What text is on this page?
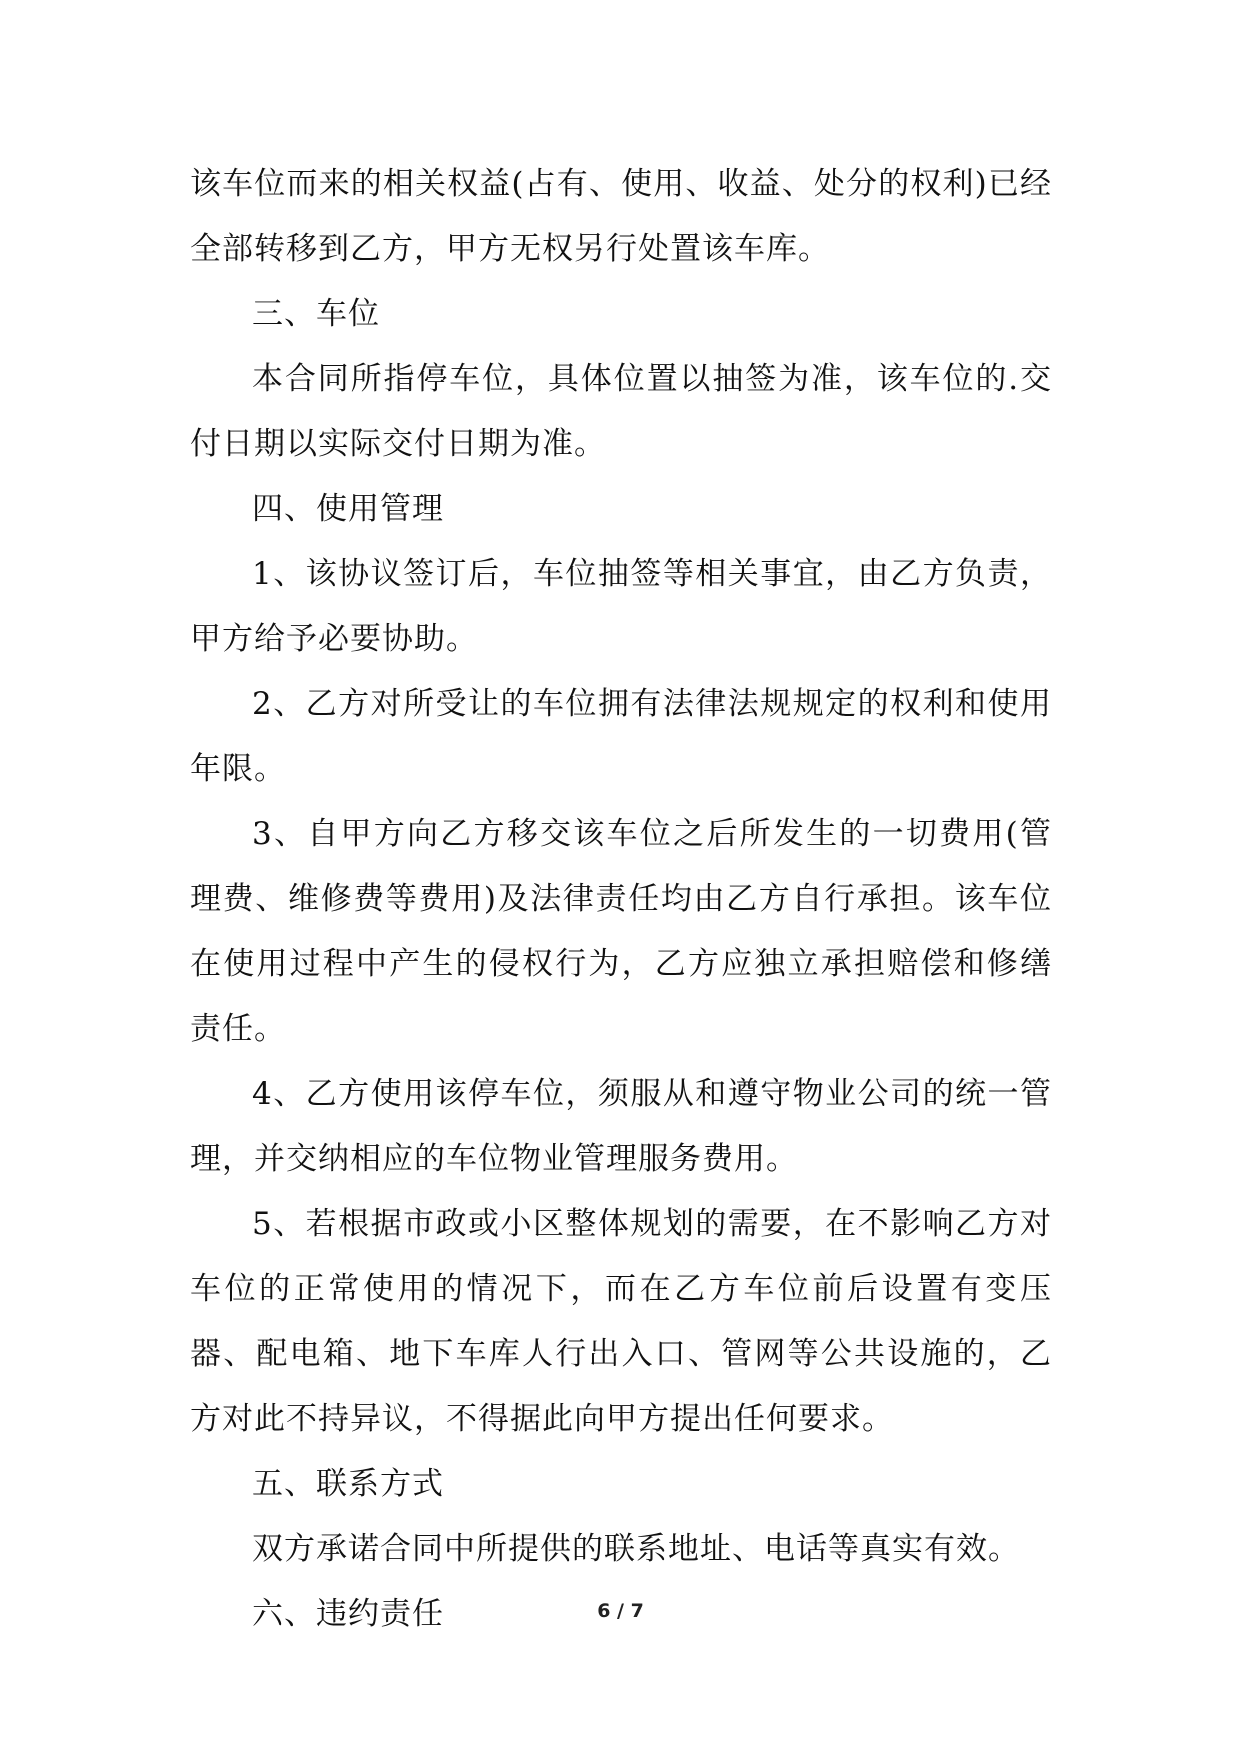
该车位而来的相关权益(占有、使用、收益、处分的权利)已经全部转移到乙方，甲方无权另行处置该车库。

三、车位

本合同所指停车位，具体位置以抽签为准，该车位的.交付日期以实际交付日期为准。

四、使用管理

1、该协议签订后，车位抽签等相关事宜，由乙方负责，甲方给予必要协助。

2、乙方对所受让的车位拥有法律法规规定的权利和使用年限。

3、自甲方向乙方移交该车位之后所发生的一切费用(管理费、维修费等费用)及法律责任均由乙方自行承担。该车位在使用过程中产生的侵权行为，乙方应独立承担赔偿和修缮责任。

4、乙方使用该停车位，须服从和遵守物业公司的统一管理，并交纳相应的车位物业管理服务费用。

5、若根据市政或小区整体规划的需要，在不影响乙方对车位的正常使用的情况下，而在乙方车位前后设置有变压器、配电箱、地下车库人行出入口、管网等公共设施的，乙方对此不持异议，不得据此向甲方提出任何要求。

五、联系方式

双方承诺合同中所提供的联系地址、电话等真实有效。

六、违约责任	6 / 7
